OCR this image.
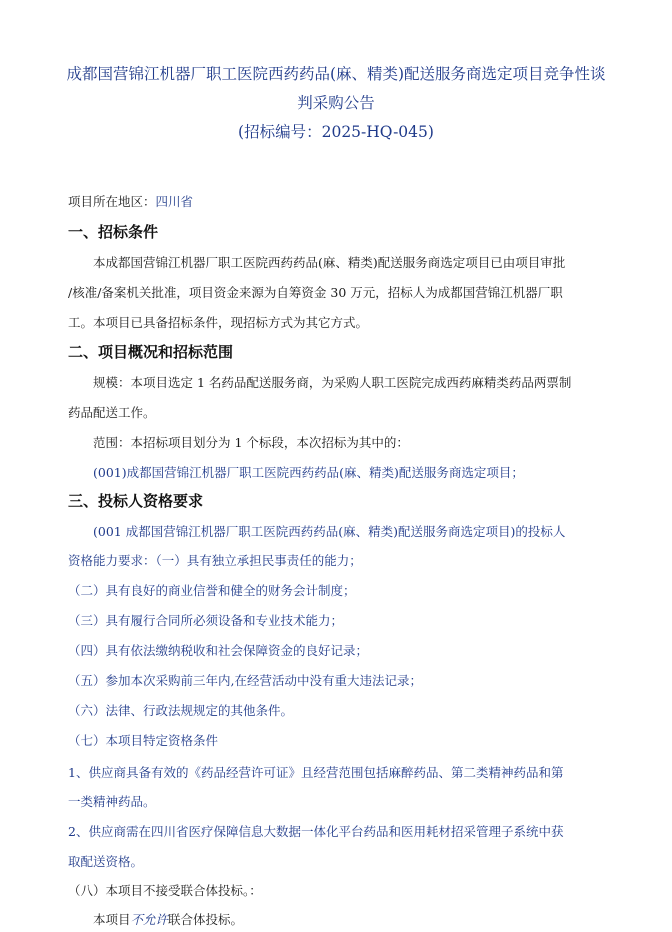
成都国营锦江机器厂职工医院西药药品(麻、精类)配送服务商选定项目竞争性谈
判采购公告
(招标编号：2025-HQ-045)
项目所在地区：四川省
一、招标条件
本成都国营锦江机器厂职工医院西药药品(麻、精类)配送服务商选定项目已由项目审批
/核准/备案机关批准，项目资金来源为自筹资金 30 万元，招标人为成都国营锦江机器厂职
工。本项目已具备招标条件，现招标方式为其它方式。
二、项目概况和招标范围
规模：本项目选定 1 名药品配送服务商，为采购人职工医院完成西药麻精类药品两票制
药品配送工作。
范围：本招标项目划分为 1 个标段，本次招标为其中的：
(001)成都国营锦江机器厂职工医院西药药品(麻、精类)配送服务商选定项目；
三、投标人资格要求
(001 成都国营锦江机器厂职工医院西药药品(麻、精类)配送服务商选定项目)的投标人
资格能力要求：（一）具有独立承担民事责任的能力；
（二）具有良好的商业信誉和健全的财务会计制度；
（三）具有履行合同所必须设备和专业技术能力；
（四）具有依法缴纳税收和社会保障资金的良好记录；
（五）参加本次采购前三年内,在经营活动中没有重大违法记录；
（六）法律、行政法规规定的其他条件。
（七）本项目特定资格条件
1、供应商具备有效的《药品经营许可证》且经营范围包括麻醉药品、第二类精神药品和第
一类精神药品。
2、供应商需在四川省医疗保障信息大数据一体化平台药品和医用耗材招采管理子系统中获
取配送资格。
（八）本项目不接受联合体投标。：
本项目不允许联合体投标。
